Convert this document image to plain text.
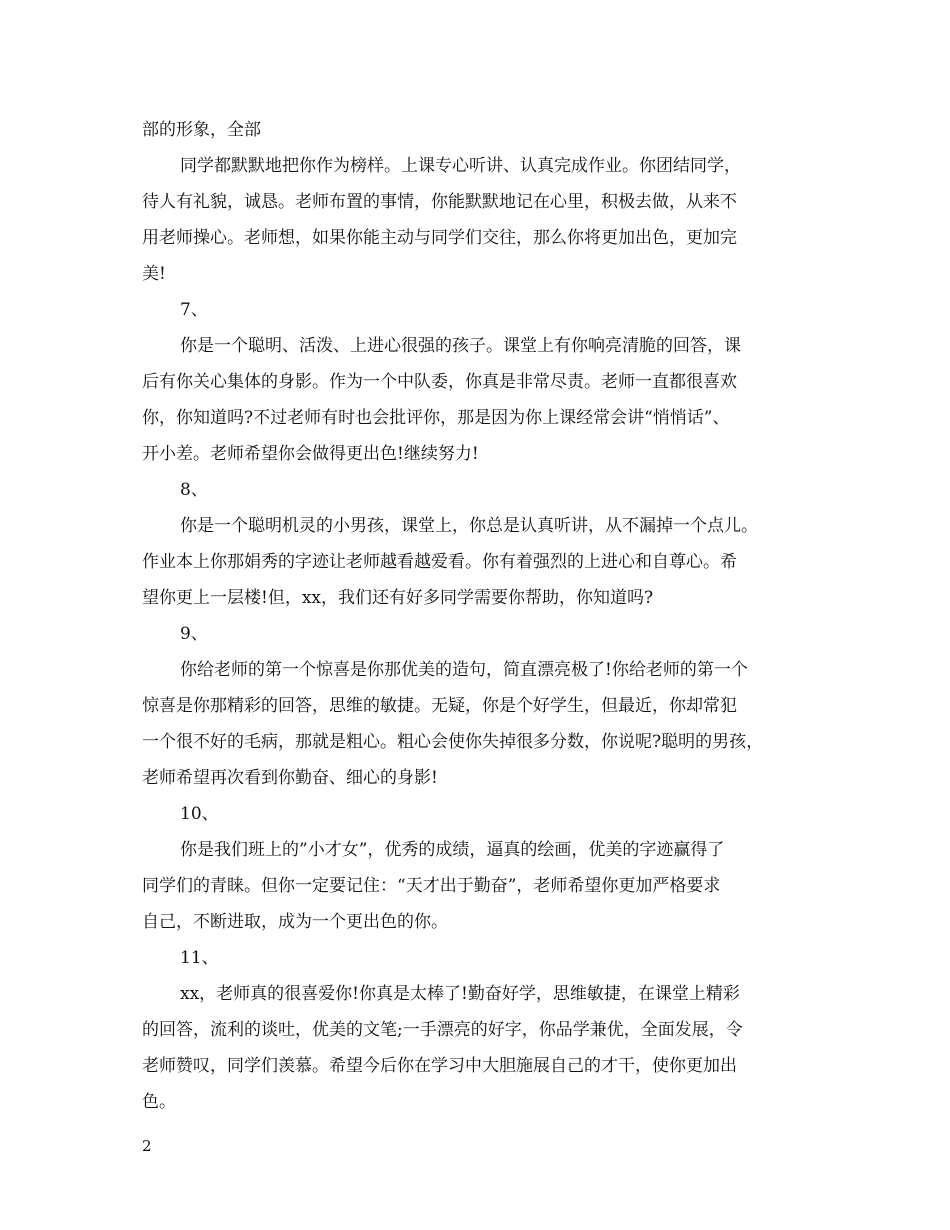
部的形象，全部

同学都默默地把你作为榜样。上课专心听讲、认真完成作业。你团结同学，

待人有礼貌，诚恳。老师布置的事情，你能默默地记在心里，积极去做，从来不

用老师操心。老师想，如果你能主动与同学们交往，那么你将更加出色，更加完

美!

7、

你是一个聪明、活泼、上进心很强的孩子。课堂上有你响亮清脆的回答，课

后有你关心集体的身影。作为一个中队委，你真是非常尽责。老师一直都很喜欢

你，你知道吗?不过老师有时也会批评你，那是因为你上课经常会讲“悄悄话”、

开小差。老师希望你会做得更出色!继续努力!

8、

你是一个聪明机灵的小男孩，课堂上，你总是认真听讲，从不漏掉一个点儿。

作业本上你那娟秀的字迹让老师越看越爱看。你有着强烈的上进心和自尊心。希

望你更上一层楼!但，xx，我们还有好多同学需要你帮助，你知道吗?

9、

你给老师的第一个惊喜是你那优美的造句，简直漂亮极了!你给老师的第一个

惊喜是你那精彩的回答，思维的敏捷。无疑，你是个好学生，但最近，你却常犯

一个很不好的毛病，那就是粗心。粗心会使你失掉很多分数，你说呢?聪明的男孩，

老师希望再次看到你勤奋、细心的身影!

10、

你是我们班上的”小才女”，优秀的成绩，逼真的绘画，优美的字迹赢得了

同学们的青睐。但你一定要记住：“天才出于勤奋”，老师希望你更加严格要求

自己，不断进取，成为一个更出色的你。

11、

xx，老师真的很喜爱你!你真是太棒了!勤奋好学，思维敏捷，在课堂上精彩

的回答，流利的谈吐，优美的文笔;一手漂亮的好字，你品学兼优，全面发展，令

老师赞叹，同学们羡慕。希望今后你在学习中大胆施展自己的才干，使你更加出

色。

2
